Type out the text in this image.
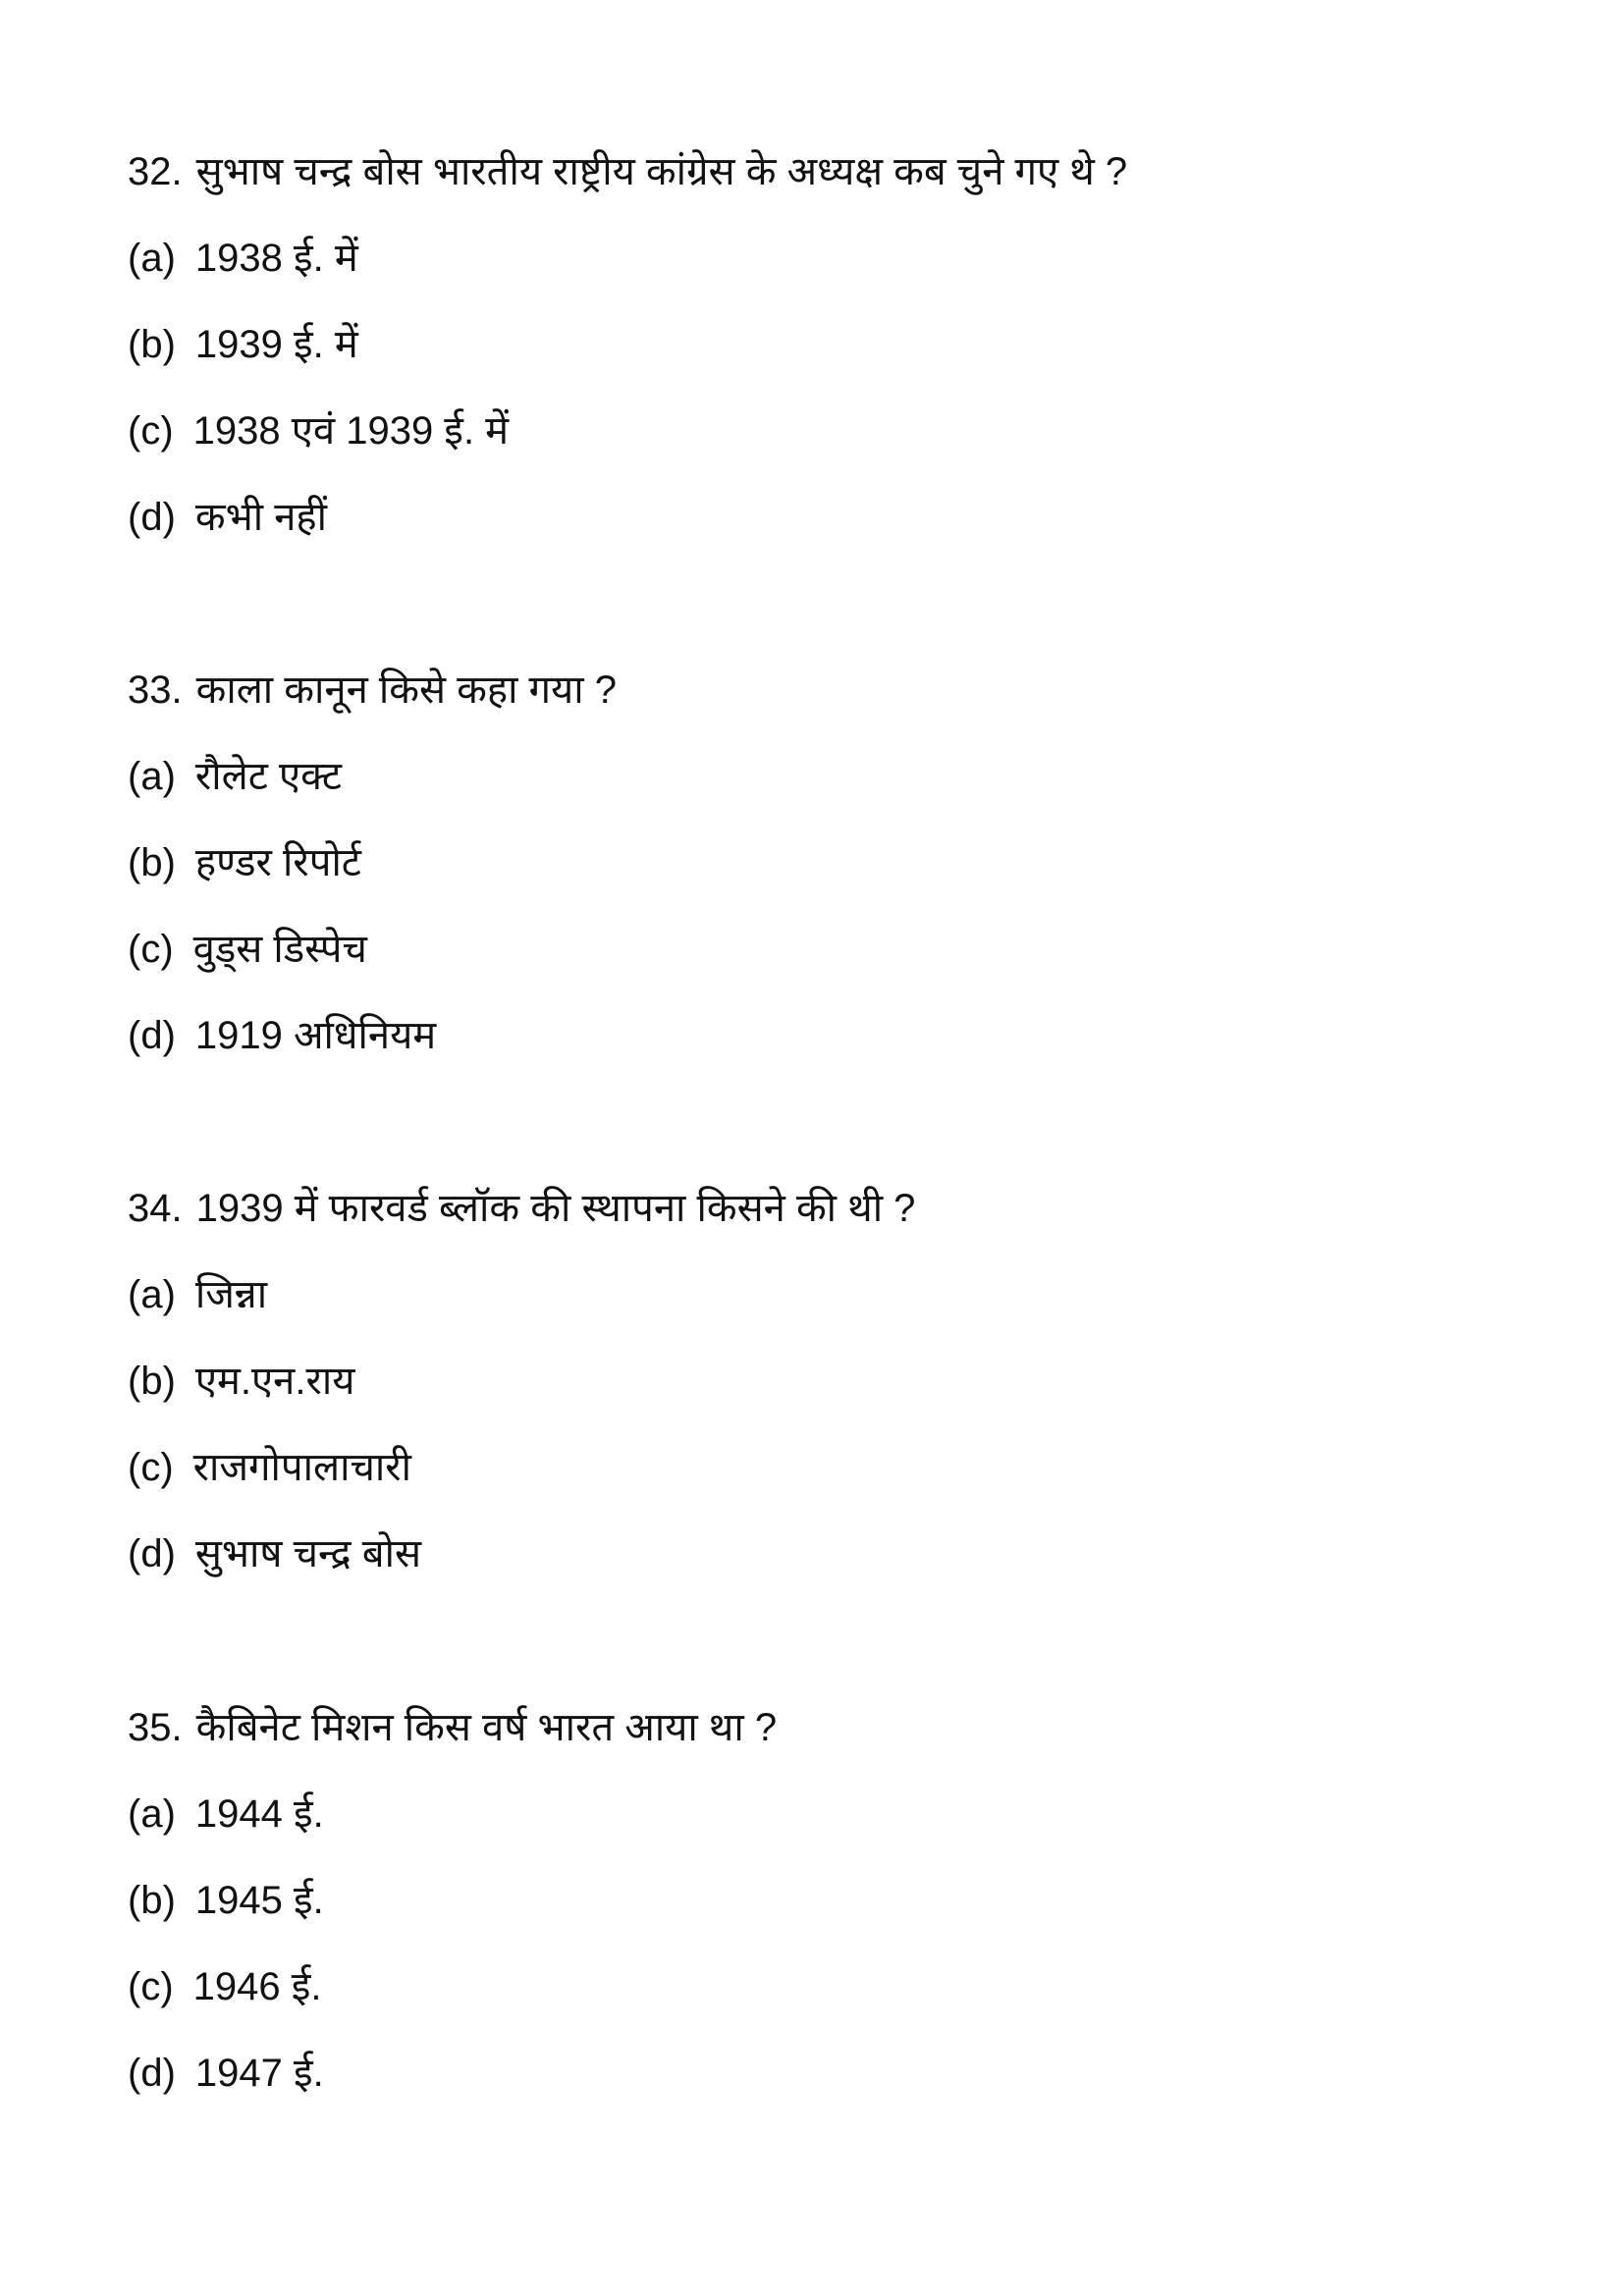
32. सुभाष चन्द्र बोस भारतीय राष्ट्रीय कांग्रेस के अध्यक्ष कब चुने गए थे ?
(a) 1938 ई. में
(b) 1939 ई. में
(c) 1938 एवं 1939 ई. में
(d) कभी नहीं
33. काला कानून किसे कहा गया ?
(a) रौलेट एक्ट
(b) हण्डर रिपोर्ट
(c) वुड्स डिस्पेच
(d) 1919 अधिनियम
34. 1939 में फारवर्ड ब्लॉक की स्थापना किसने की थी ?
(a) जिन्ना
(b) एम.एन.राय
(c) राजगोपालाचारी
(d) सुभाष चन्द्र बोस
35. कैबिनेट मिशन किस वर्ष भारत आया था ?
(a) 1944 ई.
(b) 1945 ई.
(c) 1946 ई.
(d) 1947 ई.
